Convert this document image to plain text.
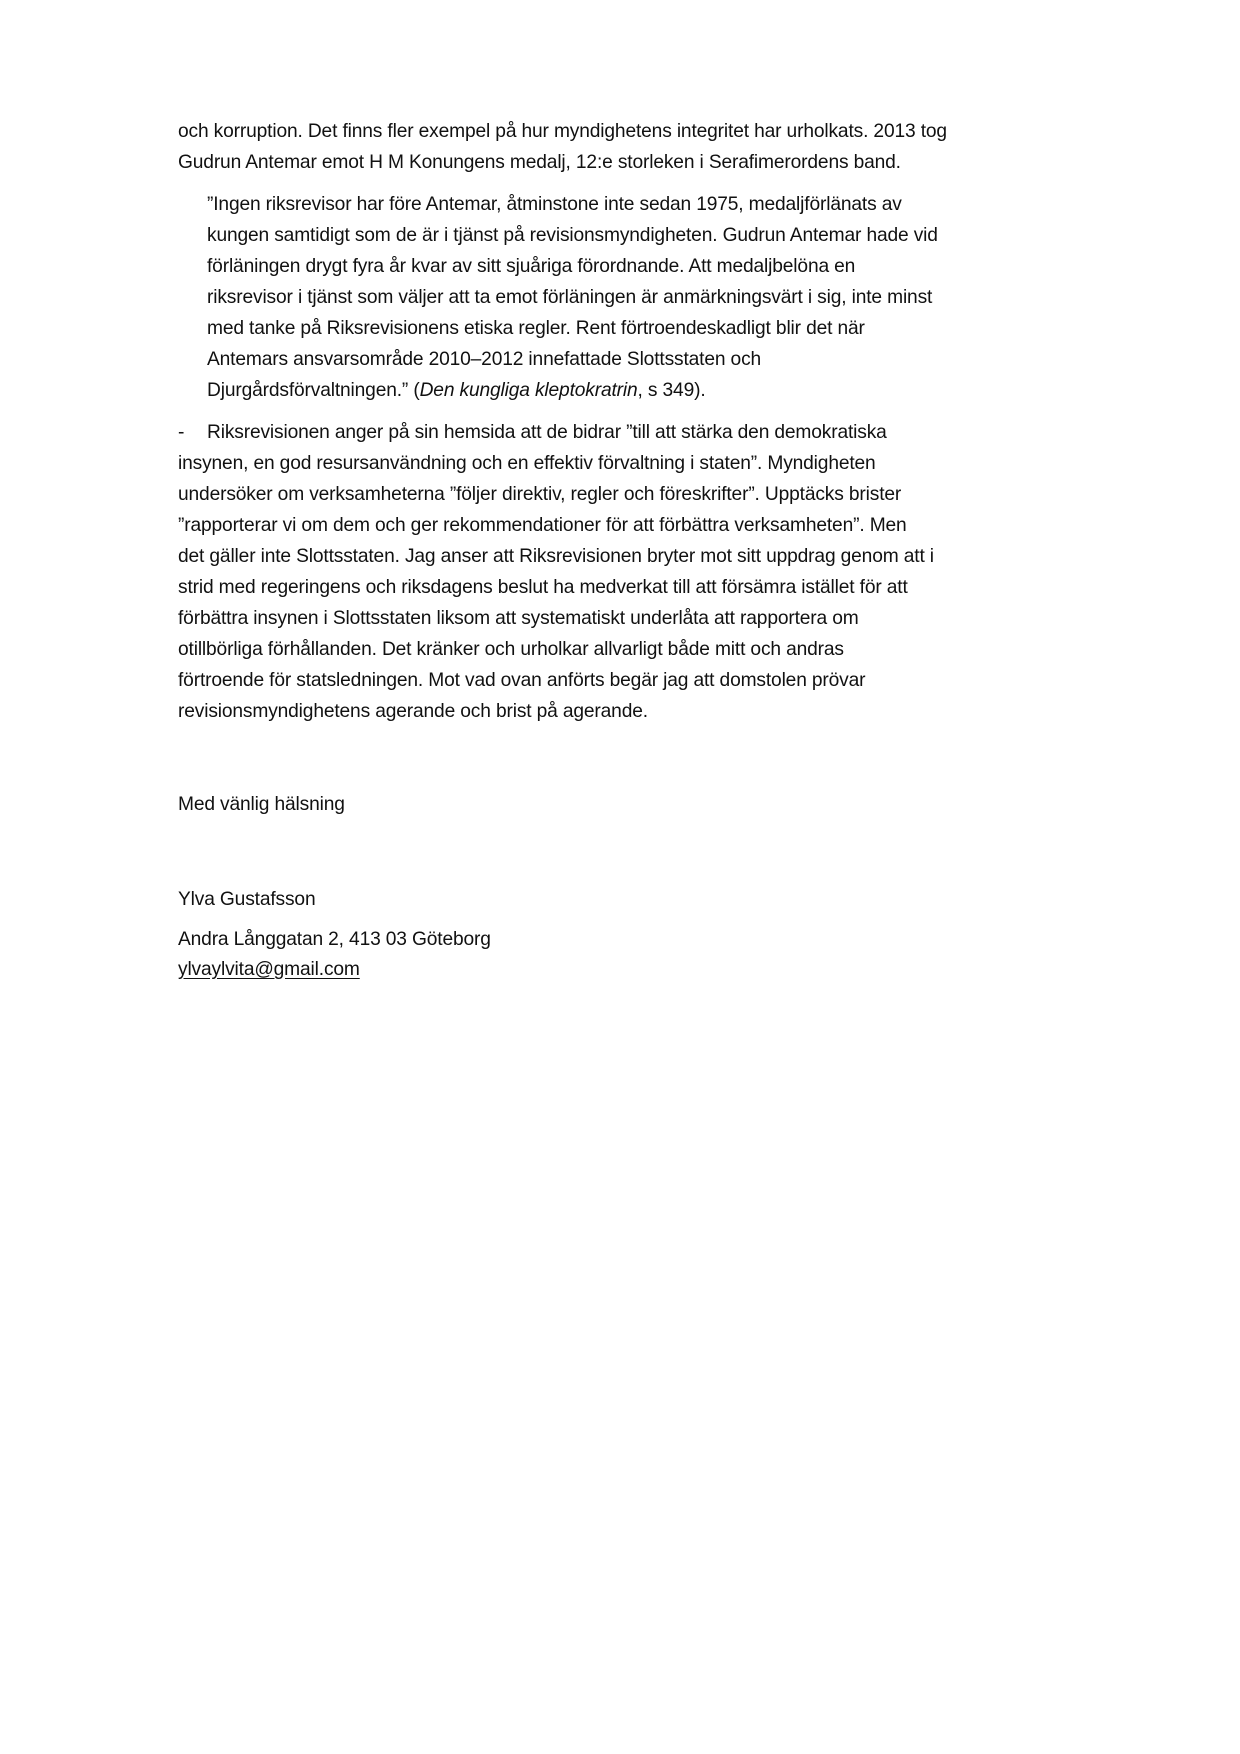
och korruption. Det finns fler exempel på hur myndighetens integritet har urholkats. 2013 tog
Gudrun Antemar emot H M Konungens medalj, 12:e storleken i Serafimerordens band.

”Ingen riksrevisor har före Antemar, åtminstone inte sedan 1975, medaljförlänats av
kungen samtidigt som de är i tjänst på revisionsmyndigheten. Gudrun Antemar hade vid
förläningen drygt fyra år kvar av sitt sjuåriga förordnande. Att medaljbelöna en
riksrevisor i tjänst som väljer att ta emot förläningen är anmärkningsvärt i sig, inte minst
med tanke på Riksrevisionens etiska regler. Rent förtroendeskadligt blir det när
Antemars ansvarsområde 2010–2012 innefattade Slottsstaten och
Djurgårdsförvaltningen.” (Den kungliga kleptokratrin, s 349).

- Riksrevisionen anger på sin hemsida att de bidrar ”till att stärka den demokratiska
insynen, en god resursanvändning och en effektiv förvaltning i staten”. Myndigheten
undersöker om verksamheterna ”följer direktiv, regler och föreskrifter”. Upptäcks brister
”rapporterar vi om dem och ger rekommendationer för att förbättra verksamheten”. Men
det gäller inte Slottsstaten. Jag anser att Riksrevisionen bryter mot sitt uppdrag genom att i
strid med regeringens och riksdagens beslut ha medverkat till att försämra istället för att
förbättra insynen i Slottsstaten liksom att systematiskt underlåta att rapportera om
otillbörliga förhållanden. Det kränker och urholkar allvarligt både mitt och andras
förtroende för statsledningen. Mot vad ovan anförts begär jag att domstolen prövar
revisionsmyndighetens agerande och brist på agerande.

Med vänlig hälsning

Ylva Gustafsson

Andra Långgatan 2, 413 03 Göteborg

ylvaylvita@gmail.com
